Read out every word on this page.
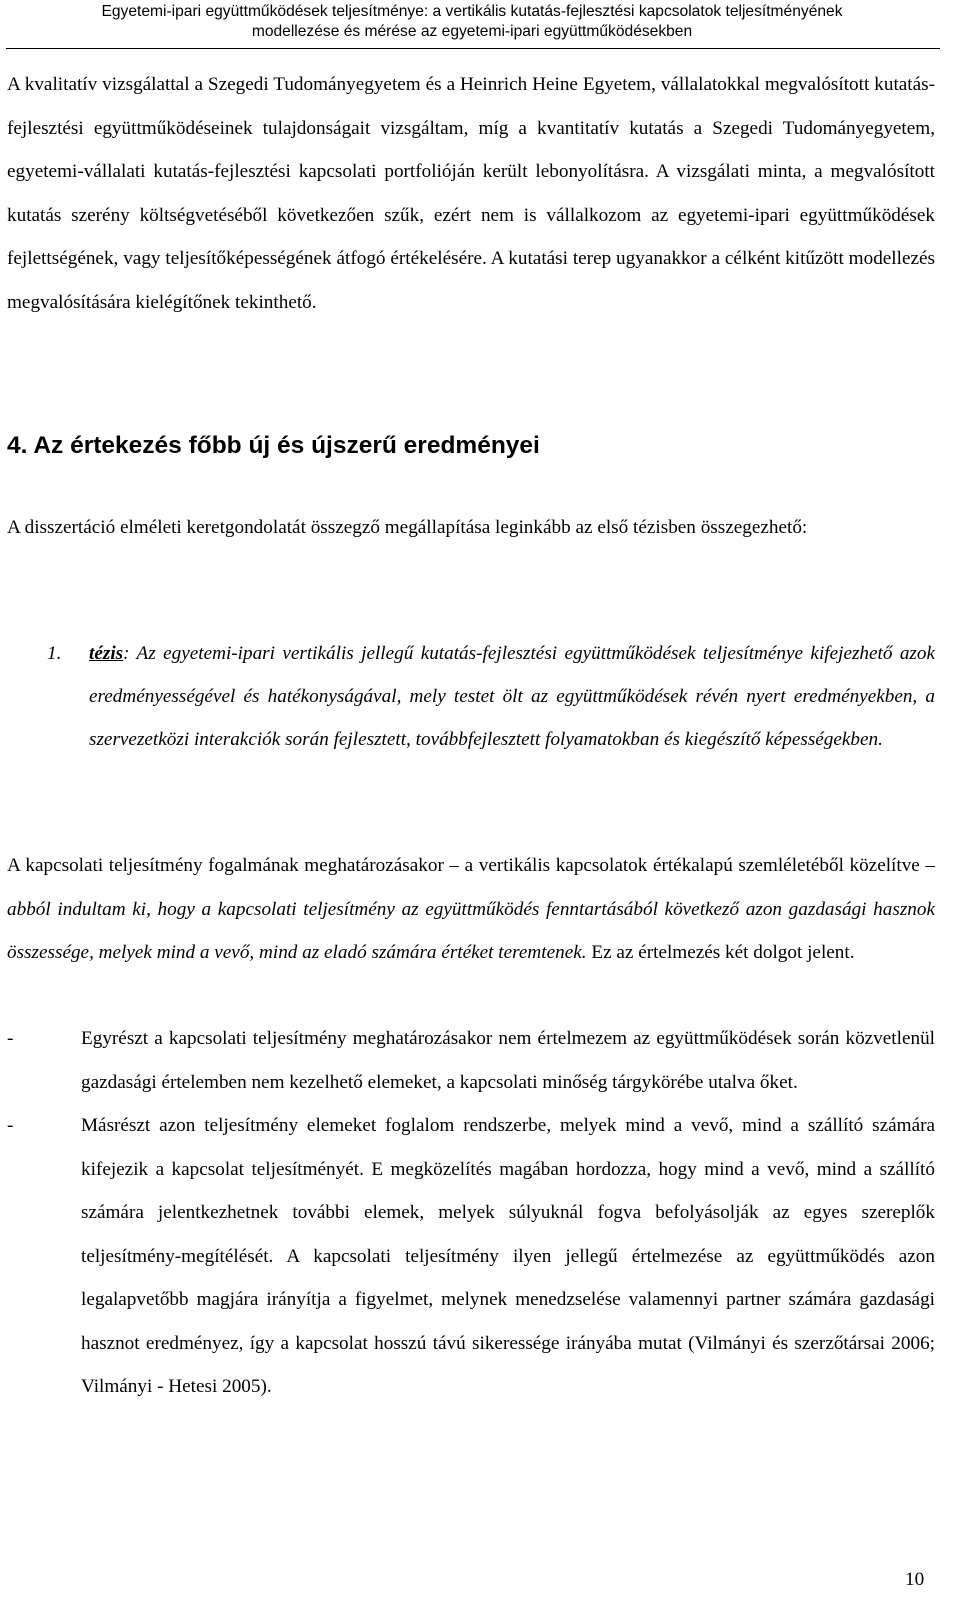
Egyetemi-ipari együttműködések teljesítménye: a vertikális kutatás-fejlesztési kapcsolatok teljesítményének
modellezése és mérése az egyetemi-ipari együttműködésekben

A kvalitatív vizsgálattal a Szegedi Tudományegyetem és a Heinrich Heine Egyetem, vállalatokkal megvalósított kutatás-fejlesztési együttműködéseinek tulajdonságait vizsgáltam, míg a kvantitatív kutatás a Szegedi Tudományegyetem, egyetemi-vállalati kutatás-fejlesztési kapcsolati portfolióján került lebonyolításra. A vizsgálati minta, a megvalósított kutatás szerény költségvetéséből következően szűk, ezért nem is vállalkozom az egyetemi-ipari együttműködések fejlettségének, vagy teljesítőképességének átfogó értékelésére. A kutatási terep ugyanakkor a célként kitűzött modellezés megvalósítására kielégítőnek tekinthető.

4. Az értekezés főbb új és újszerű eredményei

A disszertáció elméleti keretgondolatát összegző megállapítása leginkább az első tézisben összegezhető:

1. tézis: Az egyetemi-ipari vertikális jellegű kutatás-fejlesztési együttműködések teljesítménye kifejezhető azok eredményességével és hatékonyságával, mely testet ölt az együttműködések révén nyert eredményekben, a szervezetközi interakciók során fejlesztett, továbbfejlesztett folyamatokban és kiegészítő képességekben.

A kapcsolati teljesítmény fogalmának meghatározásakor – a vertikális kapcsolatok értékalapú szemléletéből közelítve – abból indultam ki, hogy a kapcsolati teljesítmény az együttműködés fenntartásából következő azon gazdasági hasznok összessége, melyek mind a vevő, mind az eladó számára értéket teremtenek. Ez az értelmezés két dolgot jelent.

-	Egyrészt a kapcsolati teljesítmény meghatározásakor nem értelmezem az együttműködések során közvetlenül gazdasági értelemben nem kezelhető elemeket, a kapcsolati minőség tárgykörébe utalva őket.
-	Másrészt azon teljesítmény elemeket foglalom rendszerbe, melyek mind a vevő, mind a szállító számára kifejezik a kapcsolat teljesítményét. E megközelítés magában hordozza, hogy mind a vevő, mind a szállító számára jelentkezhetnek további elemek, melyek súlyuknál fogva befolyásolják az egyes szereplők teljesítmény-megítélését. A kapcsolati teljesítmény ilyen jellegű értelmezése az együttműködés azon legalapvetőbb magjára irányítja a figyelmet, melynek menedzselése valamennyi partner számára gazdasági hasznot eredményez, így a kapcsolat hosszú távú sikeressége irányába mutat (Vilmányi és szerzőtársai 2006; Vilmányi - Hetesi 2005).
10
